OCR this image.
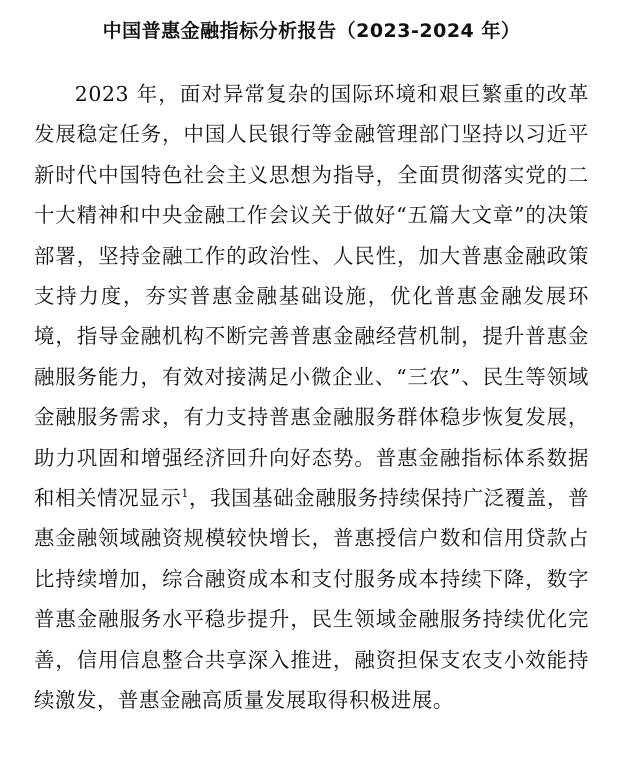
中国普惠金融指标分析报告（2023-2024 年）

2023 年，面对异常复杂的国际环境和艰巨繁重的改革发展稳定任务，中国人民银行等金融管理部门坚持以习近平新时代中国特色社会主义思想为指导，全面贯彻落实党的二十大精神和中央金融工作会议关于做好“五篇大文章”的决策部署，坚持金融工作的政治性、人民性，加大普惠金融政策支持力度，夯实普惠金融基础设施，优化普惠金融发展环境，指导金融机构不断完善普惠金融经营机制，提升普惠金融服务能力，有效对接满足小微企业、“三农”、民生等领域金融服务需求，有力支持普惠金融服务群体稳步恢复发展，助力巩固和增强经济回升向好态势。普惠金融指标体系数据和相关情况显示$^1$，我国基础金融服务持续保持广泛覆盖，普惠金融领域融资规模较快增长，普惠授信户数和信用贷款占比持续增加，综合融资成本和支付服务成本持续下降，数字普惠金融服务水平稳步提升，民生领域金融服务持续优化完善，信用信息整合共享深入推进，融资担保支农支小效能持续激发，普惠金融高质量发展取得积极进展。
